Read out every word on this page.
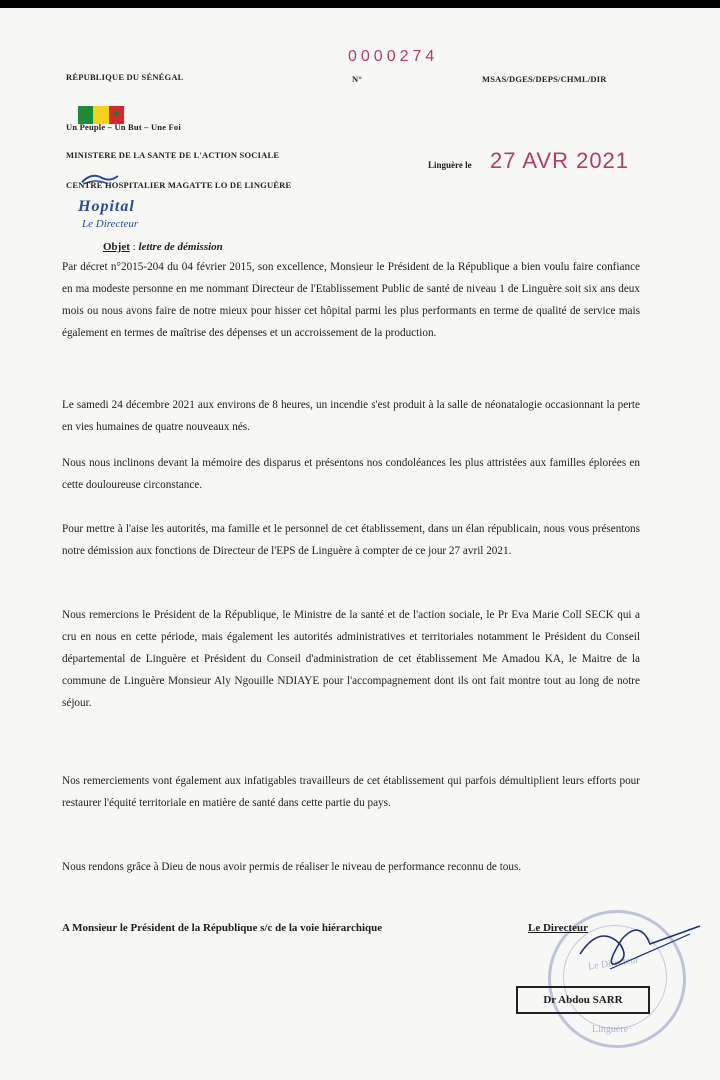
0000274
RÉPUBLIQUE DU SÉNÉGAL	N°	MSAS/DGES/DEPS/CHML/DIR
★
Un Peuple – Un But – Une Foi
MINISTERE DE LA SANTE DE L'ACTION SOCIALE
Linguère le 27 AVR 2021
CENTRE HOSPITALIER MAGATTE LO DE LINGUÈRE
Hopital
Le Directeur
Objet : lettre de démission

Par décret n°2015-204 du 04 février 2015, son excellence, Monsieur le Président de la République a bien voulu faire confiance en ma modeste personne en me nommant Directeur de l'Etablissement Public de santé de niveau 1 de Linguère soit six ans deux mois ou nous avons faire de notre mieux pour hisser cet hôpital parmi les plus performants en terme de qualité de service mais également en termes de maîtrise des dépenses et un accroissement de la production.

Le samedi 24 décembre 2021 aux environs de 8 heures, un incendie s'est produit à la salle de néonatalogie occasionnant la perte en vies humaines de quatre nouveaux nés.

Nous nous inclinons devant la mémoire des disparus et présentons nos condoléances les plus attristées aux familles éplorées en cette douloureuse circonstance.

Pour mettre à l'aise les autorités, ma famille et le personnel de cet établissement, dans un élan républicain, nous vous présentons notre démission aux fonctions de Directeur de l'EPS de Linguère à compter de ce jour 27 avril 2021.

Nous remercions le Président de la République, le Ministre de la santé et de l'action sociale, le Pr Eva Marie Coll SECK qui a cru en nous en cette période, mais également les autorités administratives et territoriales notamment le Président du Conseil départemental de Linguère et Président du Conseil d'administration de cet établissement Me Amadou KA, le Maitre de la commune de Linguère Monsieur Aly Ngouille NDIAYE pour l'accompagnement dont ils ont fait montre tout au long de notre séjour.

Nos remerciements vont également aux infatigables travailleurs de cet établissement qui parfois démultiplient leurs efforts pour restaurer l'équité territoriale en matière de santé dans cette partie du pays.

Nous rendons grâce à Dieu de nous avoir permis de réaliser le niveau de performance reconnu de tous.

Le Directeur
Linguère
A Monsieur le Président de la République s/c de la voie hiérarchique	Le Directeur
Dr Abdou SARR
